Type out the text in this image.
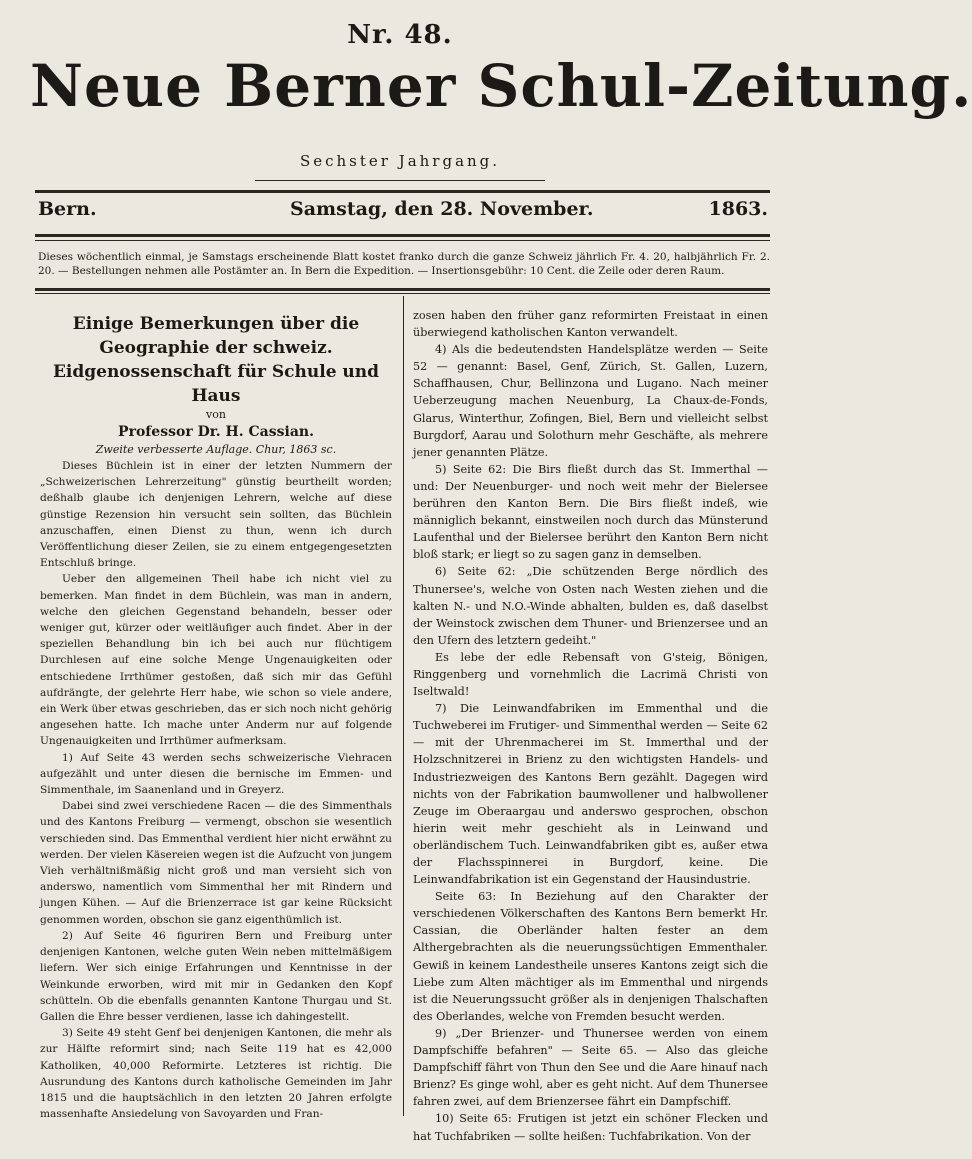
Nr. 48.
Neue Berner Schul-Zeitung.
Sechster Jahrgang.
Bern.	Samstag, den 28. November.	1863.
Dieses wöchentlich einmal, je Samstags erscheinende Blatt kostet franko durch die ganze Schweiz jährlich Fr. 4. 20, halbjährlich Fr. 2. 20. — Bestellungen nehmen alle Postämter an. In Bern die Expedition. — Insertionsgebühr: 10 Cent. die Zeile oder deren Raum.

Einige Bemerkungen über die Geographie der schweiz. Eidgenossenschaft für Schule und Haus

von

Professor Dr. H. Cassian.

Zweite verbesserte Auflage. Chur, 1863 sc.

Dieses Büchlein ist in einer der letzten Nummern der „Schweizerischen Lehrerzeitung" günstig beurtheilt worden; deßhalb glaube ich denjenigen Lehrern, welche auf diese günstige Rezension hin versucht sein sollten, das Büchlein anzuschaffen, einen Dienst zu thun, wenn ich durch Veröffentlichung dieser Zeilen, sie zu einem entgegengesetzten Entschluß bringe.

Ueber den allgemeinen Theil habe ich nicht viel zu bemerken. Man findet in dem Büchlein, was man in andern, welche den gleichen Gegenstand behandeln, besser oder weniger gut, kürzer oder weitläufiger auch findet. Aber in der speziellen Behandlung bin ich bei auch nur flüchtigem Durchlesen auf eine solche Menge Ungenauigkeiten oder entschiedene Irrthümer gestoßen, daß sich mir das Gefühl aufdrängte, der gelehrte Herr habe, wie schon so viele andere, ein Werk über etwas geschrieben, das er sich noch nicht gehörig angesehen hatte. Ich mache unter Anderm nur auf folgende Ungenauigkeiten und Irrthümer aufmerksam.

1) Auf Seite 43 werden sechs schweizerische Viehracen aufgezählt und unter diesen die bernische im Emmen- und Simmenthale, im Saanenland und in Greyerz.

Dabei sind zwei verschiedene Racen — die des Simmenthals und des Kantons Freiburg — vermengt, obschon sie wesentlich verschieden sind. Das Emmenthal verdient hier nicht erwähnt zu werden. Der vielen Käsereien wegen ist die Aufzucht von jungem Vieh verhältnißmäßig nicht groß und man versieht sich von anderswo, namentlich vom Simmenthal her mit Rindern und jungen Kühen. — Auf die Brienzerrace ist gar keine Rücksicht genommen worden, obschon sie ganz eigenthümlich ist.

2) Auf Seite 46 figuriren Bern und Freiburg unter denjenigen Kantonen, welche guten Wein neben mittelmäßigem liefern. Wer sich einige Erfahrungen und Kenntnisse in der Weinkunde erworben, wird mit mir in Gedanken den Kopf schütteln. Ob die ebenfalls genannten Kantone Thurgau und St. Gallen die Ehre besser verdienen, lasse ich dahingestellt.

3) Seite 49 steht Genf bei denjenigen Kantonen, die mehr als zur Hälfte reformirt sind; nach Seite 119 hat es 42,000 Katholiken, 40,000 Reformirte. Letzteres ist richtig. Die Ausrundung des Kantons durch katholische Gemeinden im Jahr 1815 und die hauptsächlich in den letzten 20 Jahren erfolgte massenhafte Ansiedelung von Savoyarden und Fran-

zosen haben den früher ganz reformirten Freistaat in einen überwiegend katholischen Kanton verwandelt.

4) Als die bedeutendsten Handelsplätze werden — Seite 52 — genannt: Basel, Genf, Zürich, St. Gallen, Luzern, Schaffhausen, Chur, Bellinzona und Lugano. Nach meiner Ueberzeugung machen Neuenburg, La Chaux-de-Fonds, Glarus, Winterthur, Zofingen, Biel, Bern und vielleicht selbst Burgdorf, Aarau und Solothurn mehr Geschäfte, als mehrere jener genannten Plätze.

5) Seite 62: Die Birs fließt durch das St. Immerthal — und: Der Neuenburger- und noch weit mehr der Bielersee berühren den Kanton Bern. Die Birs fließt indeß, wie männiglich bekannt, einstweilen noch durch das Münsterund Laufenthal und der Bielersee berührt den Kanton Bern nicht bloß stark; er liegt so zu sagen ganz in demselben.

6) Seite 62: „Die schützenden Berge nördlich des Thunersee's, welche von Osten nach Westen ziehen und die kalten N.- und N.O.-Winde abhalten, bulden es, daß daselbst der Weinstock zwischen dem Thuner- und Brienzersee und an den Ufern des letztern gedeiht."

Es lebe der edle Rebensaft von G'steig, Bönigen, Ringgenberg und vornehmlich die Lacrimä Christi von Iseltwald!

7) Die Leinwandfabriken im Emmenthal und die Tuchweberei im Frutiger- und Simmenthal werden — Seite 62 — mit der Uhrenmacherei im St. Immerthal und der Holzschnitzerei in Brienz zu den wichtigsten Handels- und Industriezweigen des Kantons Bern gezählt. Dagegen wird nichts von der Fabrikation baumwollener und halbwollener Zeuge im Oberaargau und anderswo gesprochen, obschon hierin weit mehr geschieht als in Leinwand und oberländischem Tuch. Leinwandfabriken gibt es, außer etwa der Flachsspinnerei in Burgdorf, keine. Die Leinwandfabrikation ist ein Gegenstand der Hausindustrie.

Seite 63: In Beziehung auf den Charakter der verschiedenen Völkerschaften des Kantons Bern bemerkt Hr. Cassian, die Oberländer halten fester an dem Althergebrachten als die neuerungssüchtigen Emmenthaler. Gewiß in keinem Landestheile unseres Kantons zeigt sich die Liebe zum Alten mächtiger als im Emmenthal und nirgends ist die Neuerungssucht größer als in denjenigen Thalschaften des Oberlandes, welche von Fremden besucht werden.

9) „Der Brienzer- und Thunersee werden von einem Dampfschiffe befahren" — Seite 65. — Also das gleiche Dampfschiff fährt von Thun den See und die Aare hinauf nach Brienz? Es ginge wohl, aber es geht nicht. Auf dem Thunersee fahren zwei, auf dem Brienzersee fährt ein Dampfschiff.

10) Seite 65: Frutigen ist jetzt ein schöner Flecken und hat Tuchfabriken — sollte heißen: Tuchfabrikation. Von der
